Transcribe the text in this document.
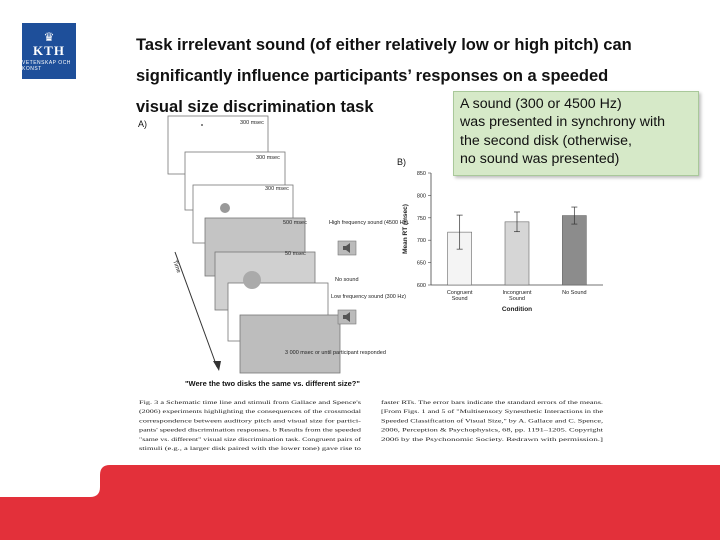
♛
KTH
VETENSKAP OCH KONST
Task irrelevant sound (of either relatively low or high pitch) can
significantly influence participants’ responses on a speeded
visual size discrimination task
A)	300 msec
300 msec
300 msec
500 msec
50 msec
3 000 msec or until participant responded
High frequency sound (4500 Hz)
No sound
Low frequency sound (300 Hz)
Time
"Were the two disks the same vs. different size?"
B)
600
650
700
750
800
850
Mean RT (msec)
Congruent
Sound
Incongruent
Sound
No Sound
Condition
Fig. 3 a Schematic time line and stimuli from Gallace and Spence's
(2006) experiments highlighting the consequences of the crossmodal
correspondence between auditory pitch and visual size for partici-
pants' speeded discrimination responses. b Results from the speeded
"same vs. different" visual size discrimination task. Congruent pairs of
stimuli (e.g., a larger disk paired with the lower tone) gave rise to
faster RTs. The error bars indicate the standard errors of the means.
[From Figs. 1 and 5 of "Multisensory Synesthetic Interactions in the
Speeded Classification of Visual Size," by A. Gallace and C. Spence,
2006, Perception & Psychophysics, 68, pp. 1191–1205. Copyright
2006 by the Psychonomic Society. Redrawn with permission.]
A sound (300 or 4500 Hz)
was presented in synchrony with
the second disk (otherwise,
no sound was presented)
